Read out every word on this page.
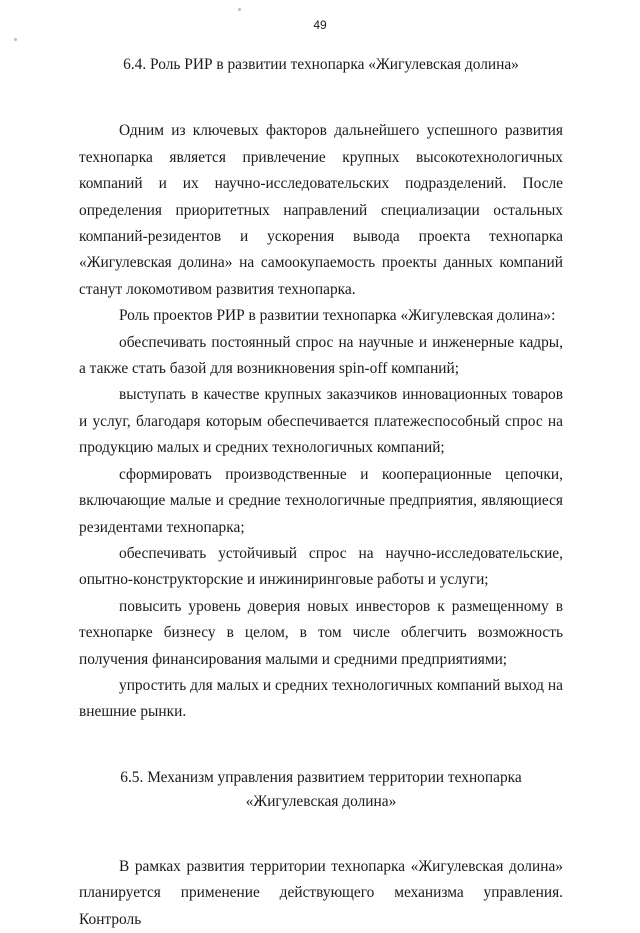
49

6.4. Роль РИР в развитии технопарка «Жигулевская долина»

Одним из ключевых факторов дальнейшего успешного развития технопарка является привлечение крупных высокотехнологичных компаний и их научно-исследовательских подразделений. После определения приоритетных направлений специализации остальных компаний-резидентов и ускорения вывода проекта технопарка «Жигулевская долина» на самоокупаемость проекты данных компаний станут локомотивом развития технопарка.

Роль проектов РИР в развитии технопарка «Жигулевская долина»:

обеспечивать постоянный спрос на научные и инженерные кадры, а также стать базой для возникновения spin-off компаний;

выступать в качестве крупных заказчиков инновационных товаров и услуг, благодаря которым обеспечивается платежеспособный спрос на продукцию малых и средних технологичных компаний;

сформировать производственные и кооперационные цепочки, включающие малые и средние технологичные предприятия, являющиеся резидентами технопарка;

обеспечивать устойчивый спрос на научно-исследовательские, опытно-конструкторские и инжиниринговые работы и услуги;

повысить уровень доверия новых инвесторов к размещенному в технопарке бизнесу в целом, в том числе облегчить возможность получения финансирования малыми и средними предприятиями;

упростить для малых и средних технологичных компаний выход на внешние рынки.

6.5. Механизм управления развитием территории технопарка
«Жигулевская долина»

В рамках развития территории технопарка «Жигулевская долина» планируется применение действующего механизма управления. Контроль
